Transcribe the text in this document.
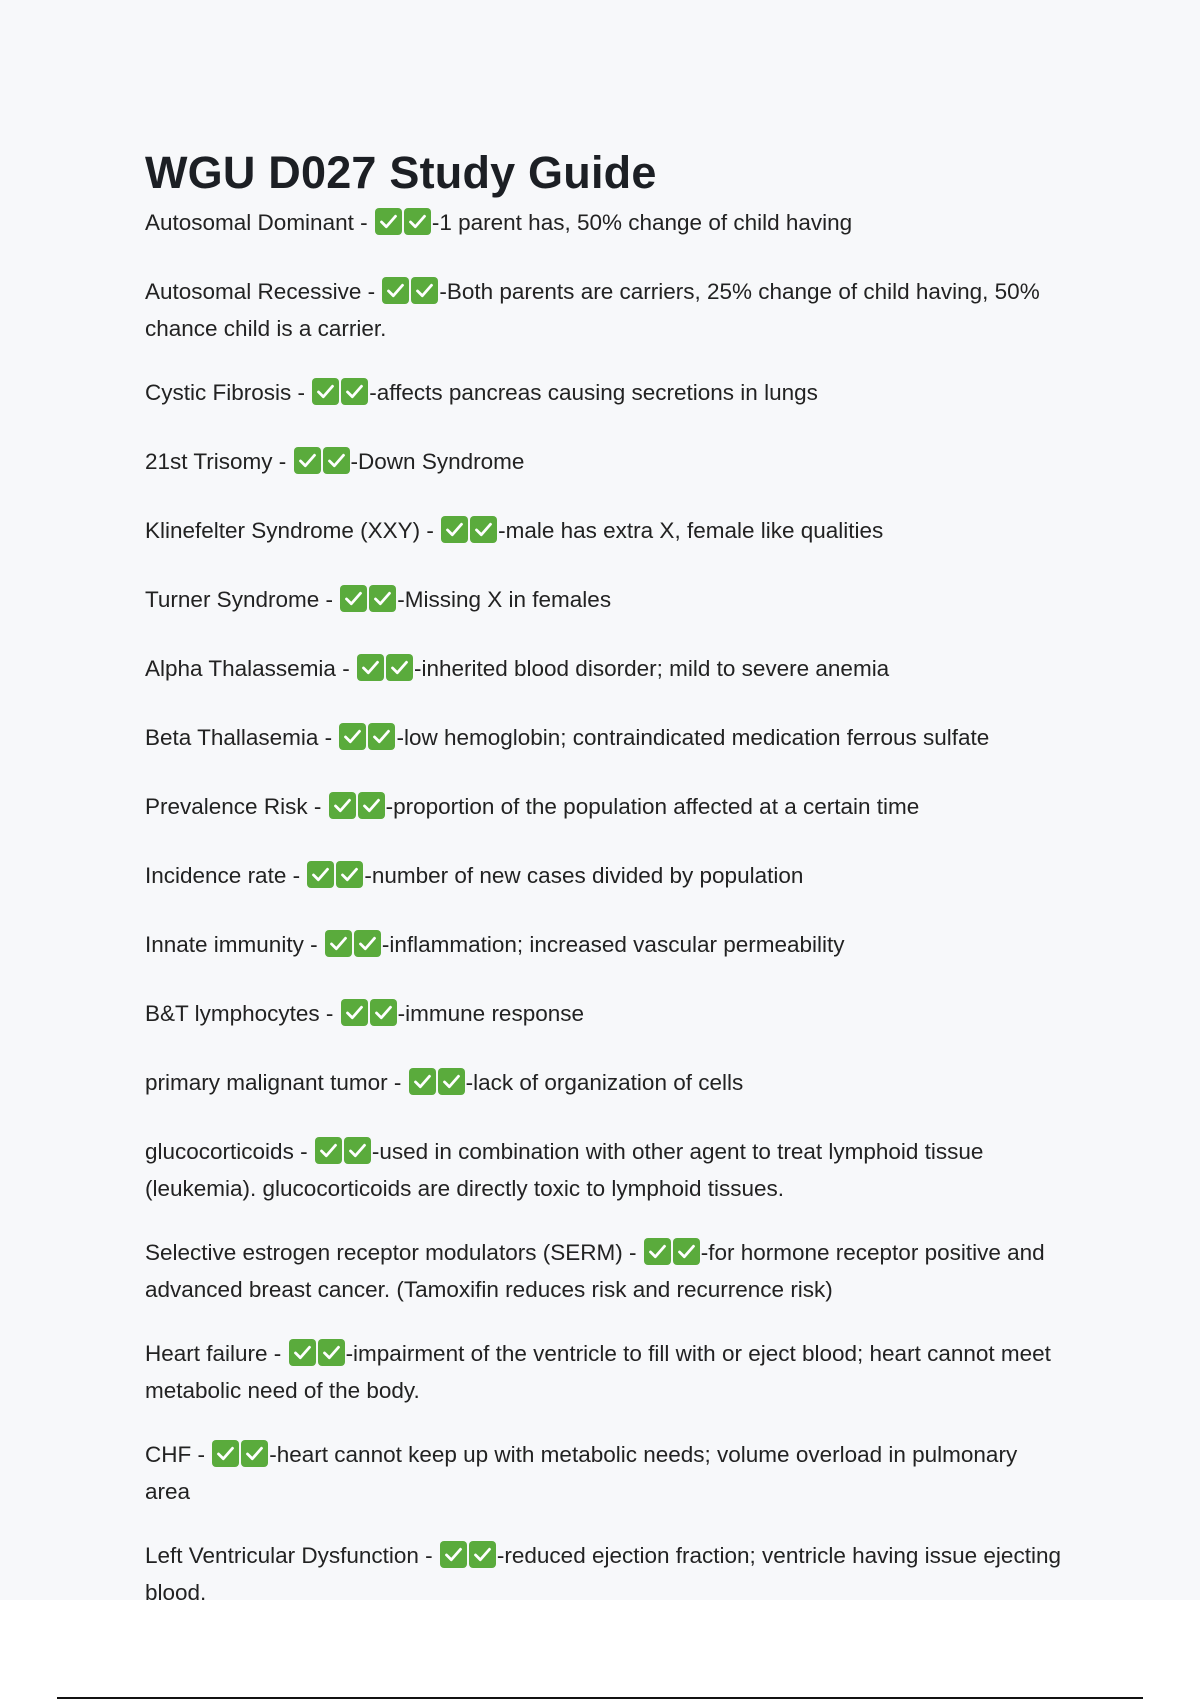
WGU D027 Study Guide

Autosomal Dominant -	-1 parent has, 50% change of child having

Autosomal Recessive -	-Both parents are carriers, 25% change of child having, 50% chance child is a carrier.

Cystic Fibrosis -	-affects pancreas causing secretions in lungs

21st Trisomy -	-Down Syndrome

Klinefelter Syndrome (XXY) -	-male has extra X, female like qualities

Turner Syndrome -	-Missing X in females

Alpha Thalassemia -	-inherited blood disorder; mild to severe anemia

Beta Thallasemia -	-low hemoglobin; contraindicated medication ferrous sulfate

Prevalence Risk -	-proportion of the population affected at a certain time

Incidence rate -	-number of new cases divided by population

Innate immunity -	-inflammation; increased vascular permeability

B&T lymphocytes -	-immune response

primary malignant tumor -	-lack of organization of cells

glucocorticoids -	-used in combination with other agent to treat lymphoid tissue (leukemia). glucocorticoids are directly toxic to lymphoid tissues.

Selective estrogen receptor modulators (SERM) -	-for hormone receptor positive and advanced breast cancer. (Tamoxifin reduces risk and recurrence risk)

Heart failure -	-impairment of the ventricle to fill with or eject blood; heart cannot meet metabolic need of the body.

CHF -	-heart cannot keep up with metabolic needs; volume overload in pulmonary area

Left Ventricular Dysfunction -	-reduced ejection fraction; ventricle having issue ejecting blood.
